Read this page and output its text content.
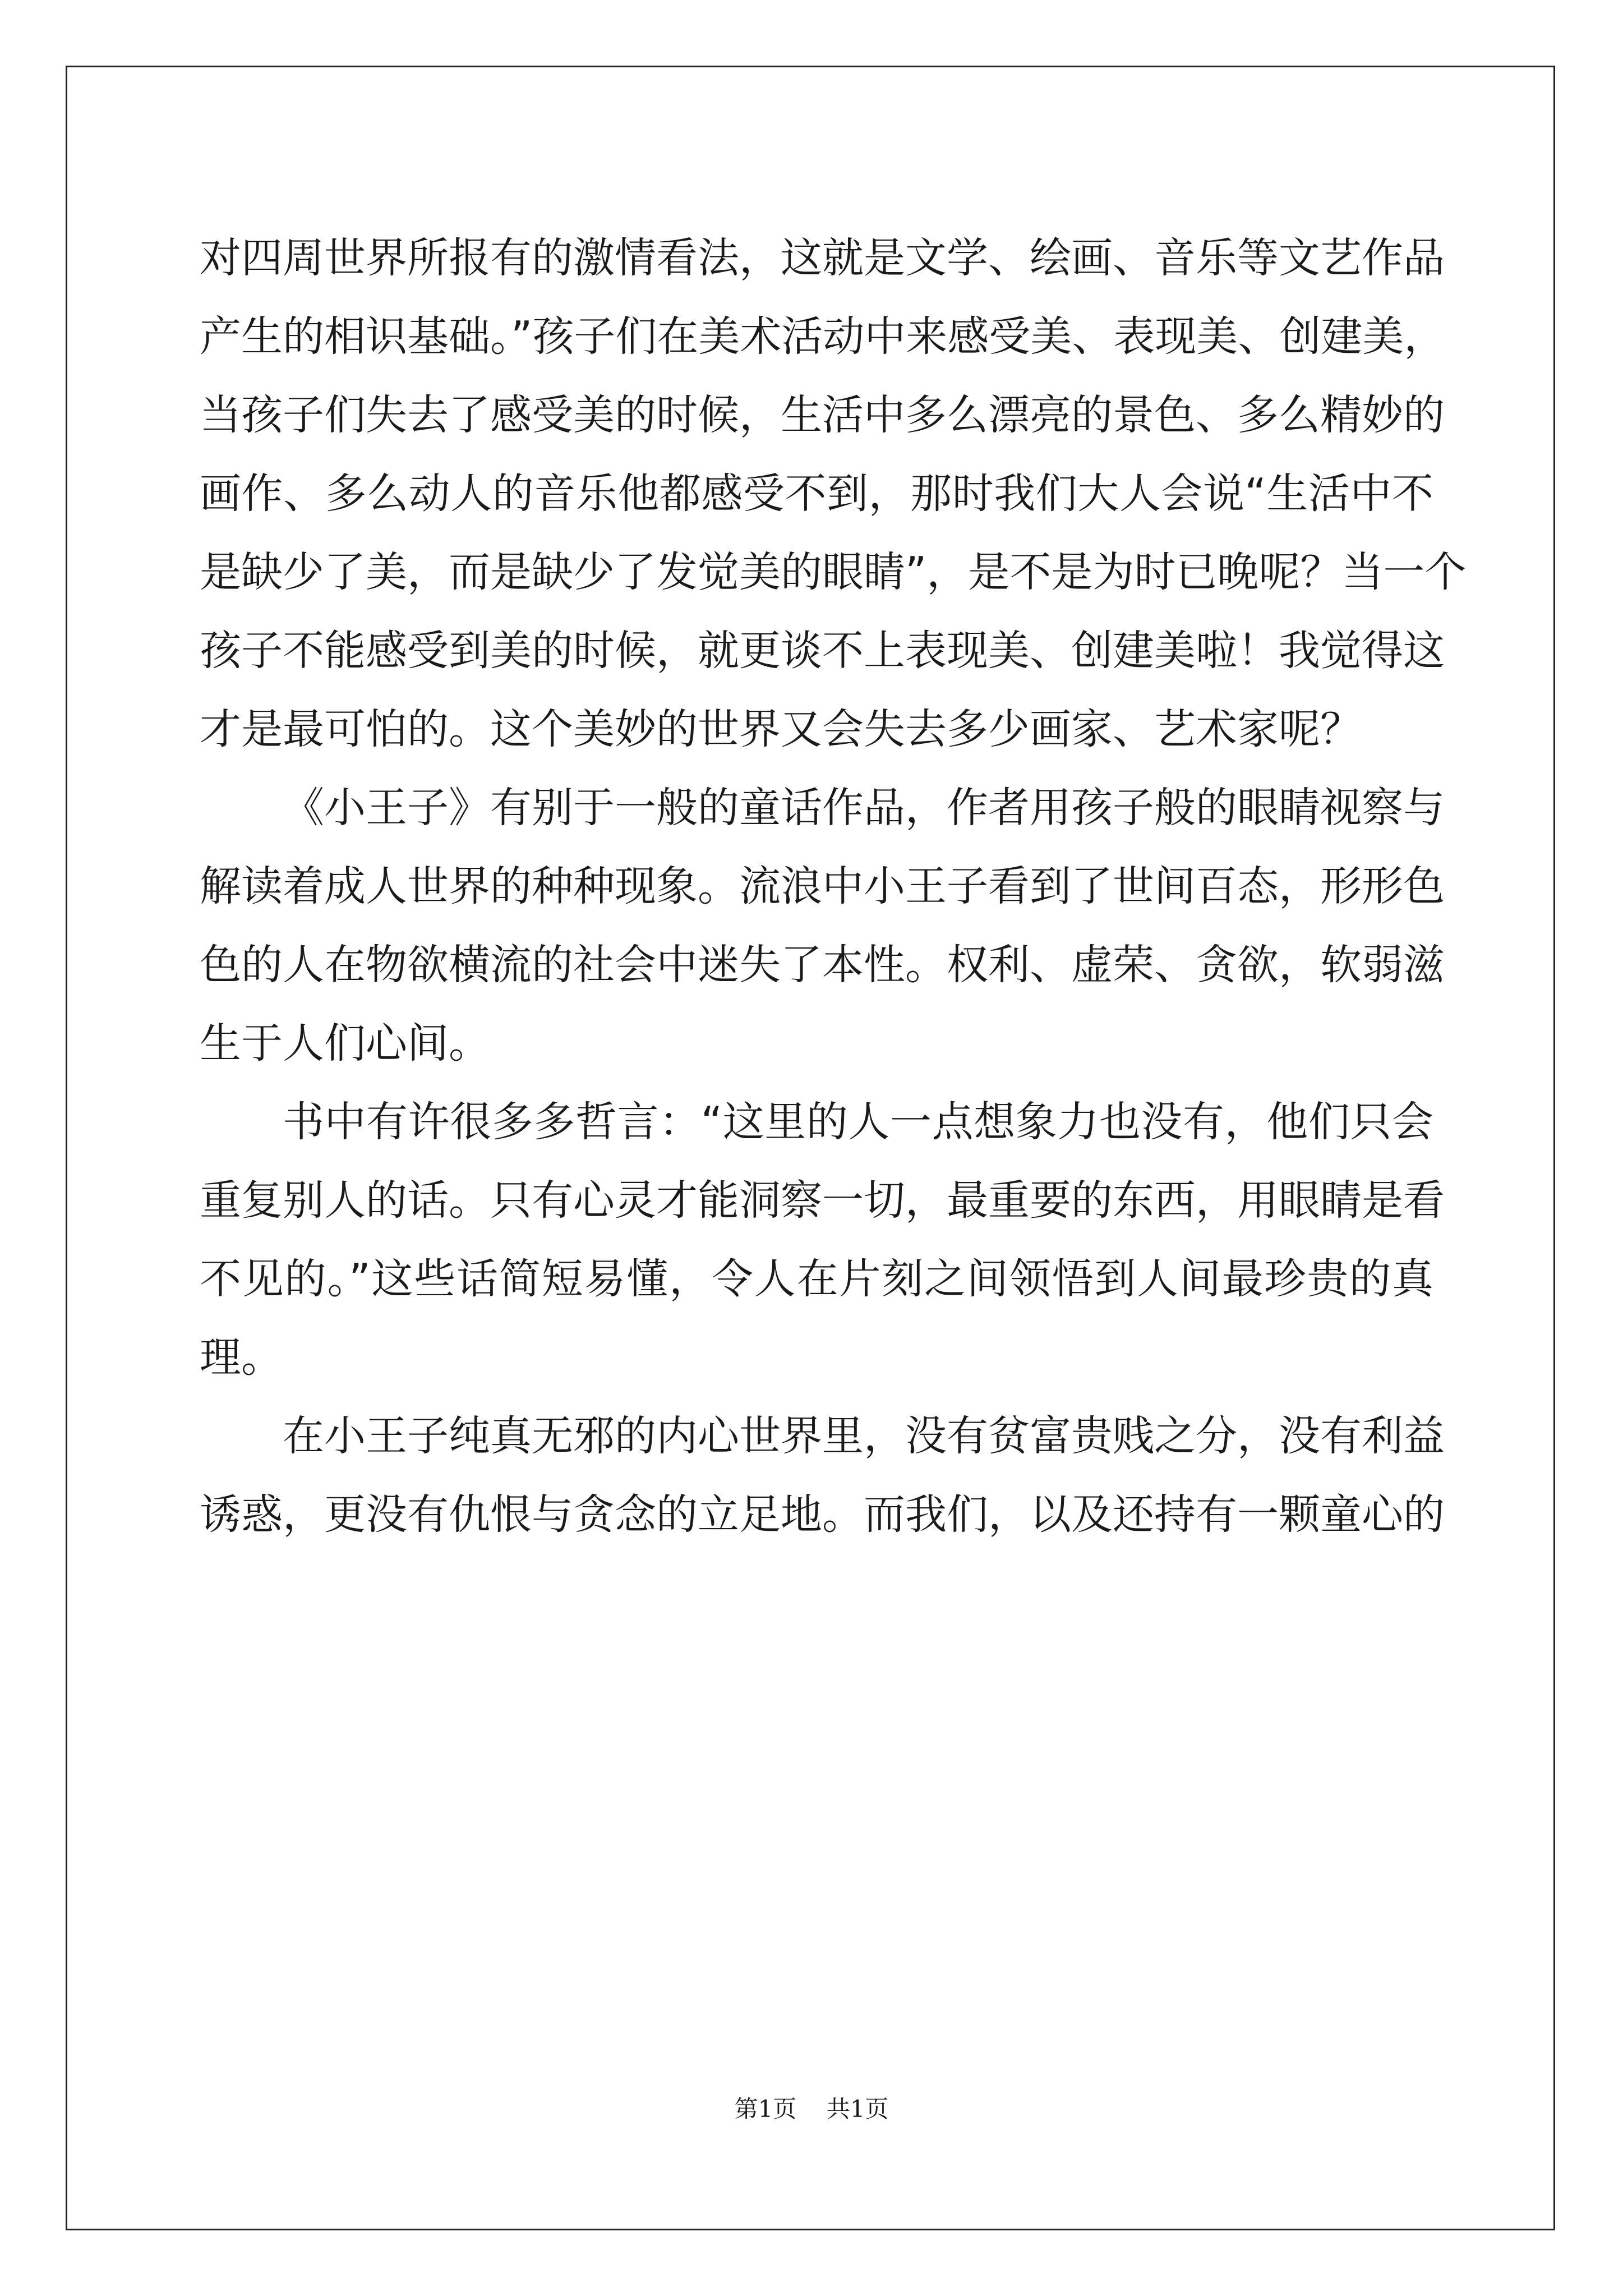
对四周世界所报有的激情看法，这就是文学、绘画、音乐等文艺作品
产生的相识基础。”孩子们在美术活动中来感受美、表现美、创建美，
当孩子们失去了感受美的时候，生活中多么漂亮的景色、多么精妙的
画作、多么动人的音乐他都感受不到，那时我们大人会说“生活中不
是缺少了美，而是缺少了发觉美的眼睛”，是不是为时已晚呢？当一个
孩子不能感受到美的时候，就更谈不上表现美、创建美啦！我觉得这
才是最可怕的。这个美妙的世界又会失去多少画家、艺术家呢？
《小王子》有别于一般的童话作品，作者用孩子般的眼睛视察与
解读着成人世界的种种现象。流浪中小王子看到了世间百态，形形色
色的人在物欲横流的社会中迷失了本性。权利、虚荣、贪欲，软弱滋
生于人们心间。
书中有许很多多哲言：“这里的人一点想象力也没有，他们只会
重复别人的话。只有心灵才能洞察一切，最重要的东西，用眼睛是看
不见的。”这些话简短易懂，令人在片刻之间领悟到人间最珍贵的真
理。
在小王子纯真无邪的内心世界里，没有贫富贵贱之分，没有利益
诱惑，更没有仇恨与贪念的立足地。而我们，以及还持有一颗童心的
第1页 共1页
